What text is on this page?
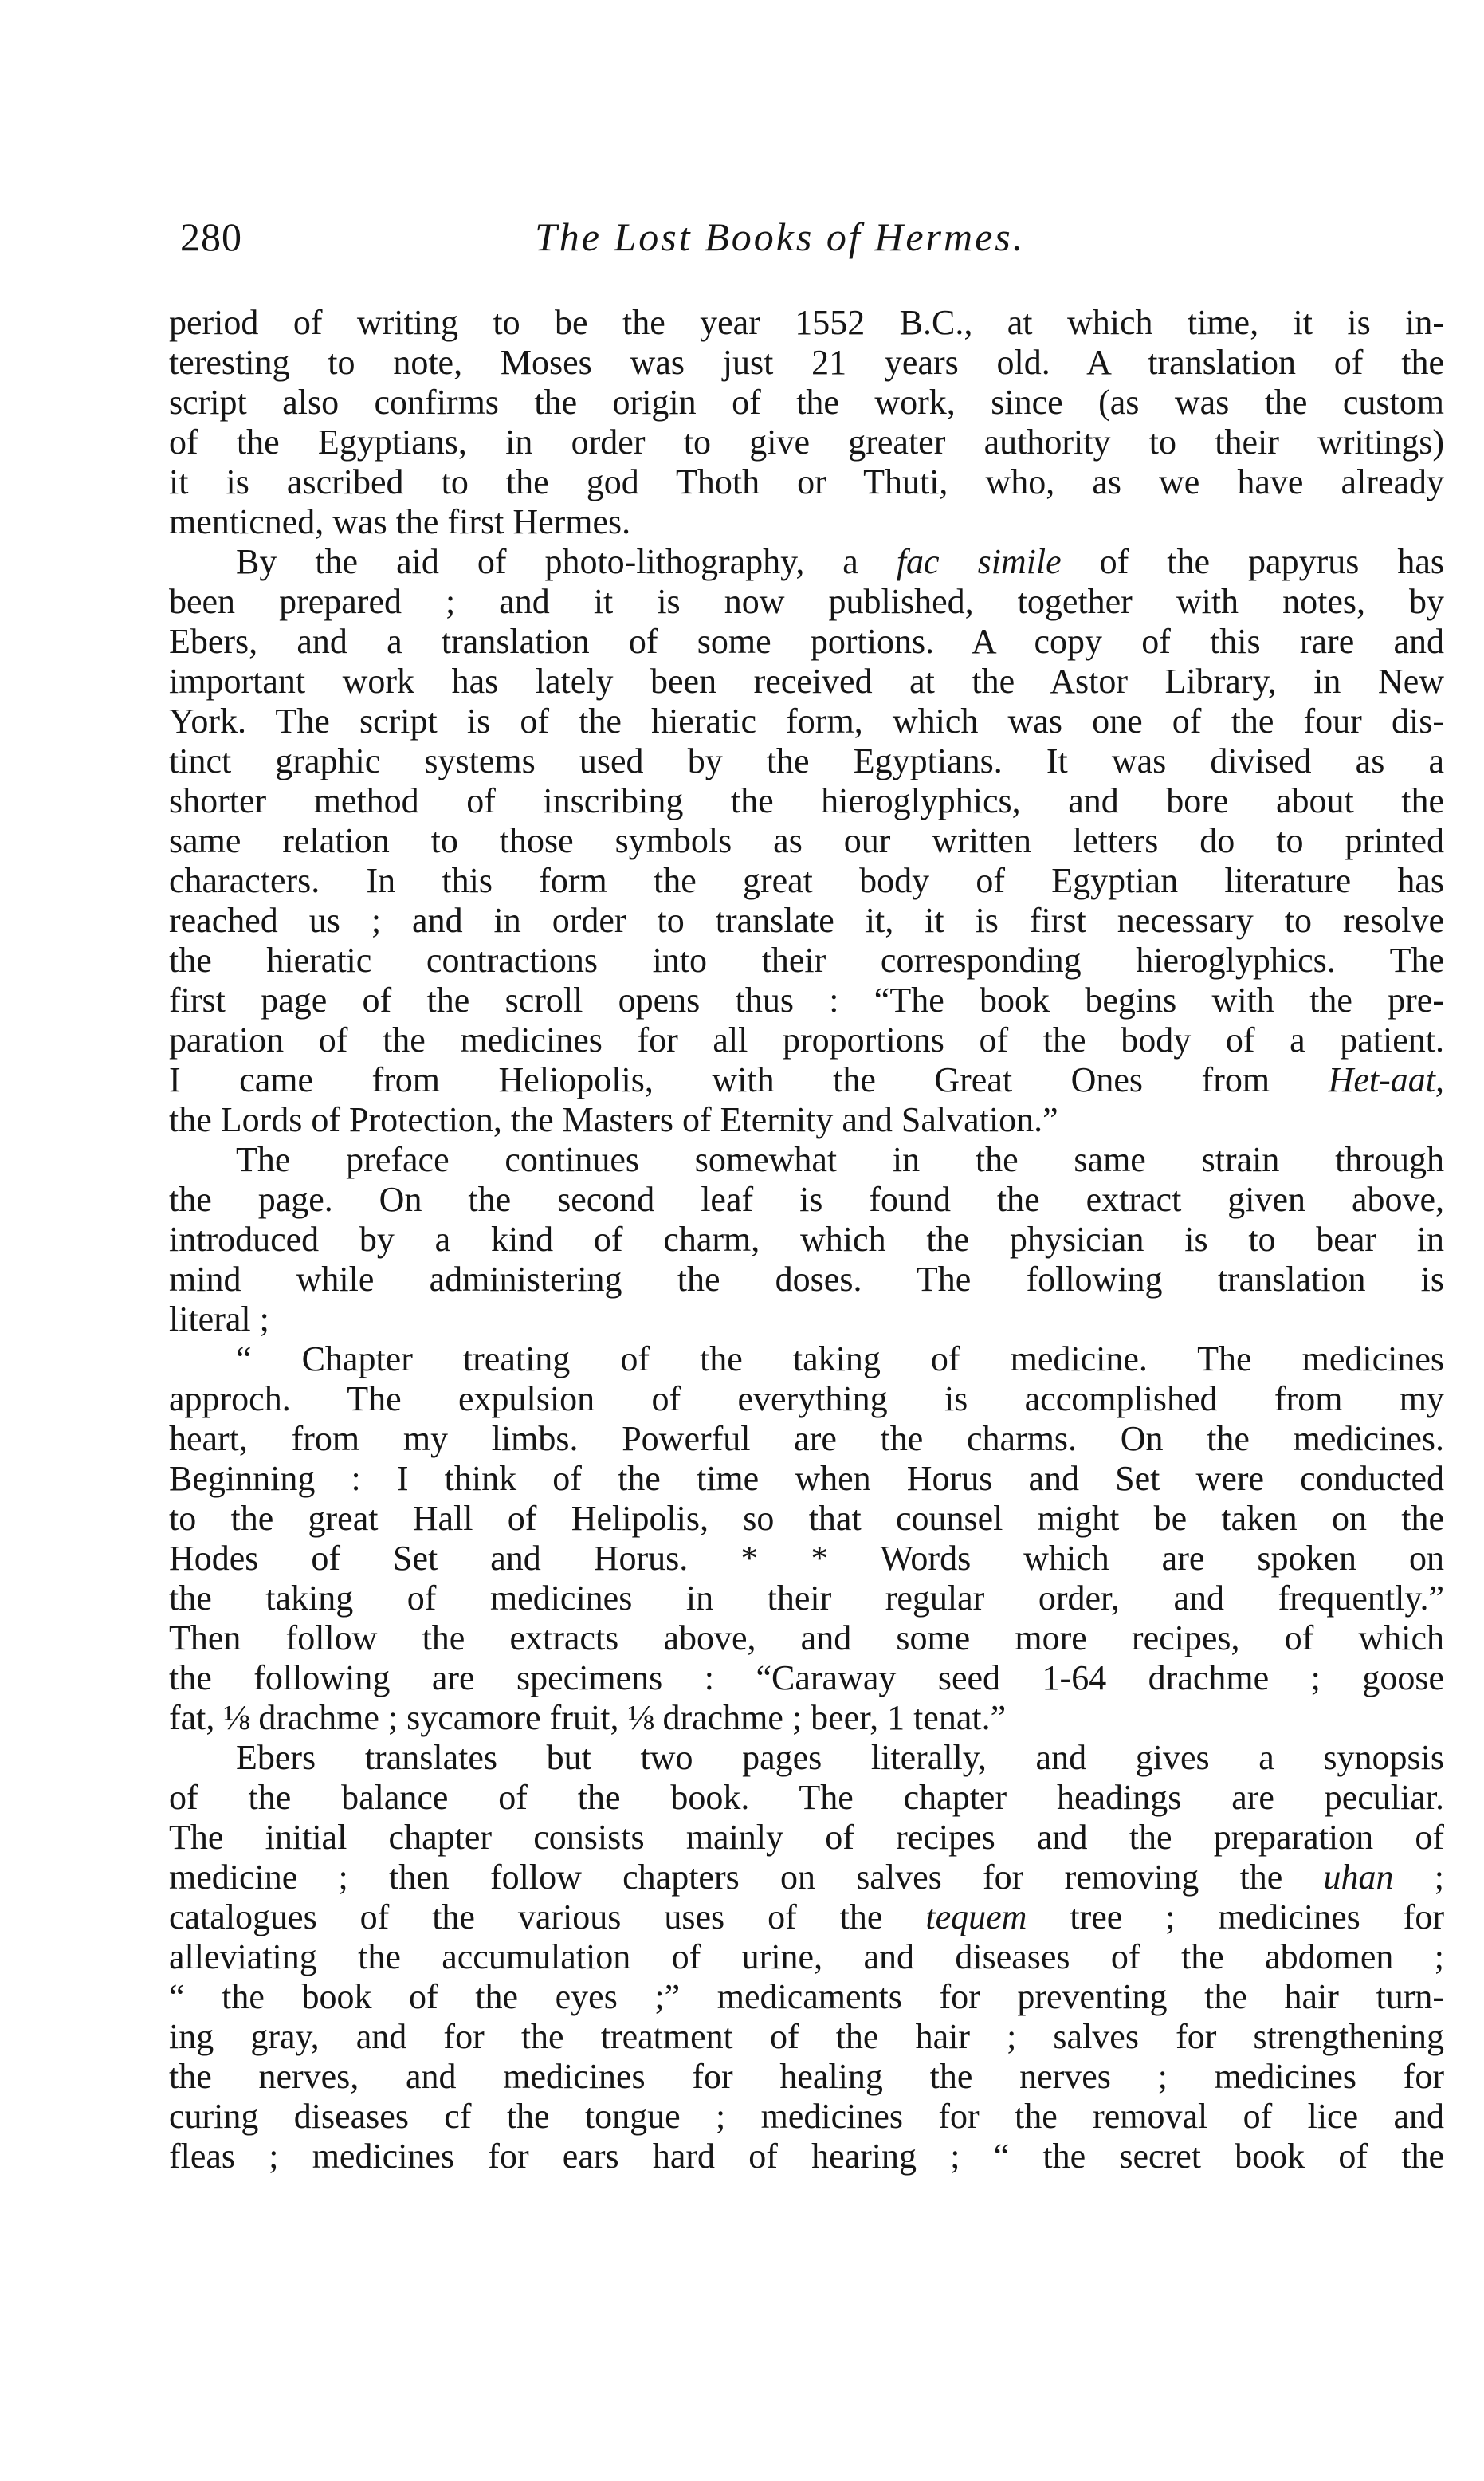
280	The Lost Books of Hermes.
period of writing to be the year 1552 B.C., at which time, it is in-
teresting to note, Moses was just 21 years old. A translation of the
script also confirms the origin of the work, since (as was the custom
of the Egyptians, in order to give greater authority to their writings)
it is ascribed to the god Thoth or Thuti, who, as we have already
menticned, was the first Hermes.
By the aid of photo-lithography, a fac simile of the papyrus has
been prepared ; and it is now published, together with notes, by
Ebers, and a translation of some portions. A copy of this rare and
important work has lately been received at the Astor Library, in New
York. The script is of the hieratic form, which was one of the four dis-
tinct graphic systems used by the Egyptians. It was divised as a
shorter method of inscribing the hieroglyphics, and bore about the
same relation to those symbols as our written letters do to printed
characters. In this form the great body of Egyptian literature has
reached us ; and in order to translate it, it is first necessary to resolve
the hieratic contractions into their corresponding hieroglyphics. The
first page of the scroll opens thus : “The book begins with the pre-
paration of the medicines for all proportions of the body of a patient.
I came from Heliopolis, with the Great Ones from Het-aat,
the Lords of Protection, the Masters of Eternity and Salvation.”
The preface continues somewhat in the same strain through
the page. On the second leaf is found the extract given above,
introduced by a kind of charm, which the physician is to bear in
mind while administering the doses. The following translation is
literal ;
“ Chapter treating of the taking of medicine. The medicines
approch. The expulsion of everything is accomplished from my
heart, from my limbs. Powerful are the charms. On the medicines.
Beginning : I think of the time when Horus and Set were conducted
to the great Hall of Helipolis, so that counsel might be taken on the
Hodes of Set and Horus. * * Words which are spoken on
the taking of medicines in their regular order, and frequently.”
Then follow the extracts above, and some more recipes, of which
the following are specimens : “Caraway seed 1-64 drachme ; goose
fat, ⅛ drachme ; sycamore fruit, ⅛ drachme ; beer, 1 tenat.”
Ebers translates but two pages literally, and gives a synopsis
of the balance of the book. The chapter headings are peculiar.
The initial chapter consists mainly of recipes and the preparation of
medicine ; then follow chapters on salves for removing the uhan ;
catalogues of the various uses of the tequem tree ; medicines for
alleviating the accumulation of urine, and diseases of the abdomen ;
“ the book of the eyes ;” medicaments for preventing the hair turn-
ing gray, and for the treatment of the hair ; salves for strengthening
the nerves, and medicines for healing the nerves ; medicines for
curing diseases cf the tongue ; medicines for the removal of lice and
fleas ; medicines for ears hard of hearing ; “ the secret book of the
